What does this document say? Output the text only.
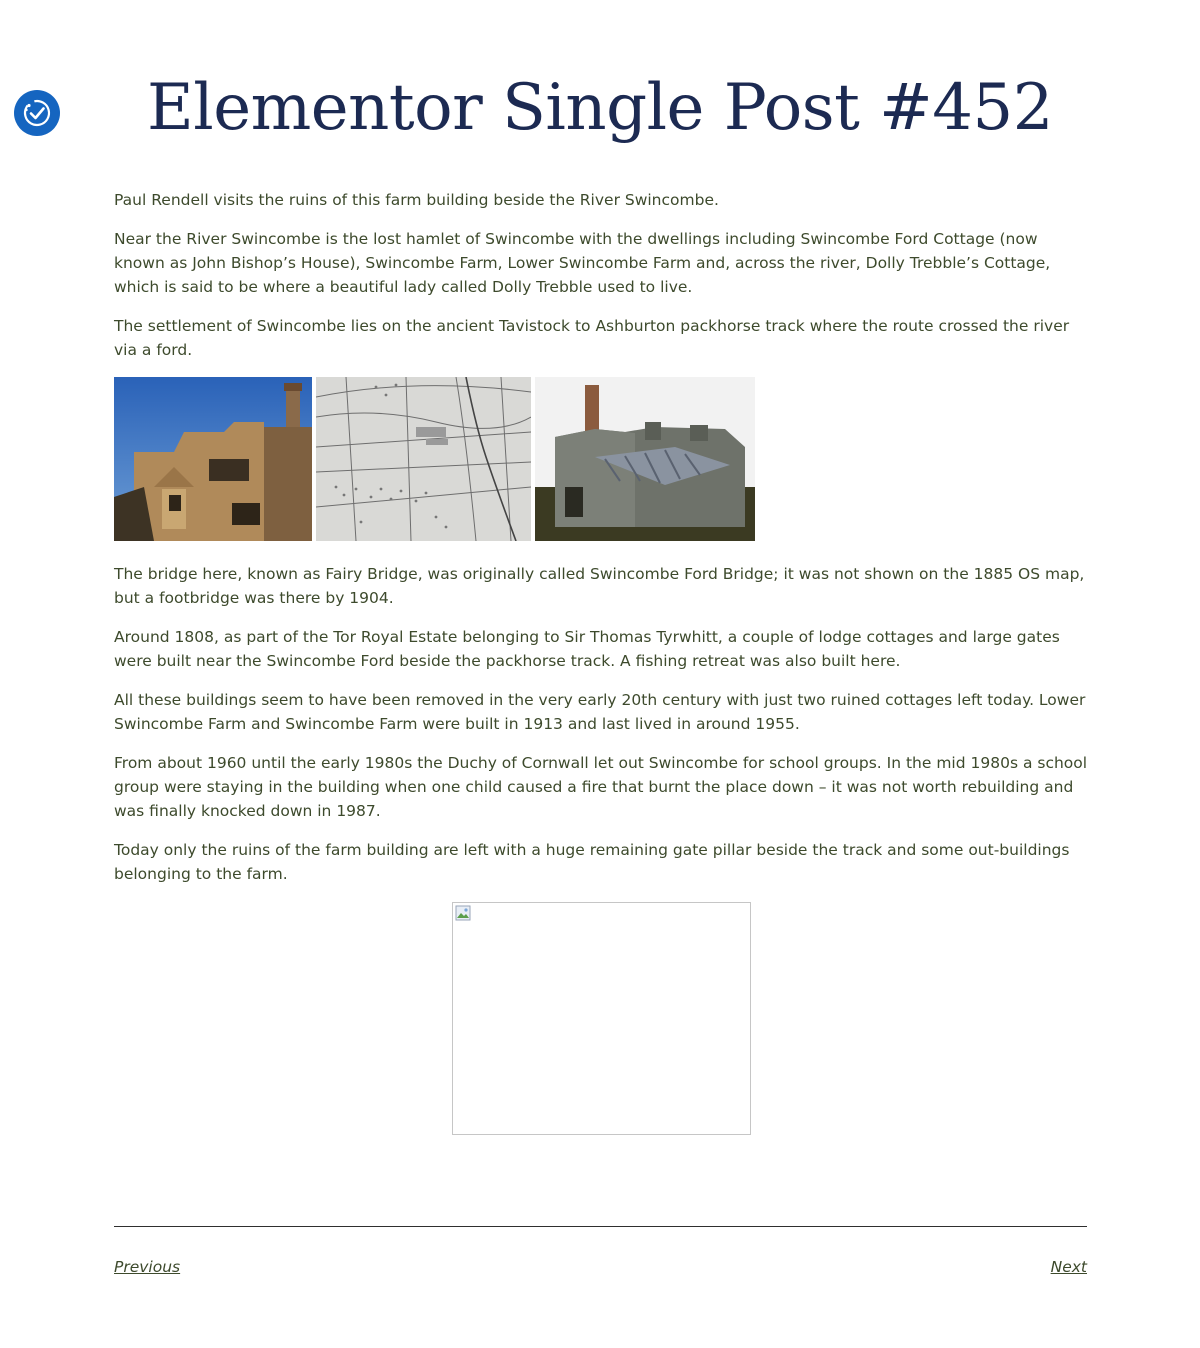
Elementor Single Post #452

Paul Rendell visits the ruins of this farm building beside the River Swincombe.

Near the River Swincombe is the lost hamlet of Swincombe with the dwellings including Swincombe Ford Cottage (now known as John Bishop’s House), Swincombe Farm, Lower Swincombe Farm and, across the river, Dolly Trebble’s Cottage, which is said to be where a beautiful lady called Dolly Trebble used to live.

The settlement of Swincombe lies on the ancient Tavistock to Ashburton packhorse track where the route crossed the river via a ford.

The bridge here, known as Fairy Bridge, was originally called Swincombe Ford Bridge; it was not shown on the 1885 OS map, but a footbridge was there by 1904.

Around 1808, as part of the Tor Royal Estate belonging to Sir Thomas Tyrwhitt, a couple of lodge cottages and large gates were built near the Swincombe Ford beside the packhorse track. A fishing retreat was also built here.

All these buildings seem to have been removed in the very early 20th century with just two ruined cottages left today. Lower Swincombe Farm and Swincombe Farm were built in 1913 and last lived in around 1955.

From about 1960 until the early 1980s the Duchy of Cornwall let out Swincombe for school groups. In the mid 1980s a school group were staying in the building when one child caused a fire that burnt the place down – it was not worth rebuilding and was finally knocked down in 1987.

Today only the ruins of the farm building are left with a huge remaining gate pillar beside the track and some out-buildings belonging to the farm.

Previous	Next
